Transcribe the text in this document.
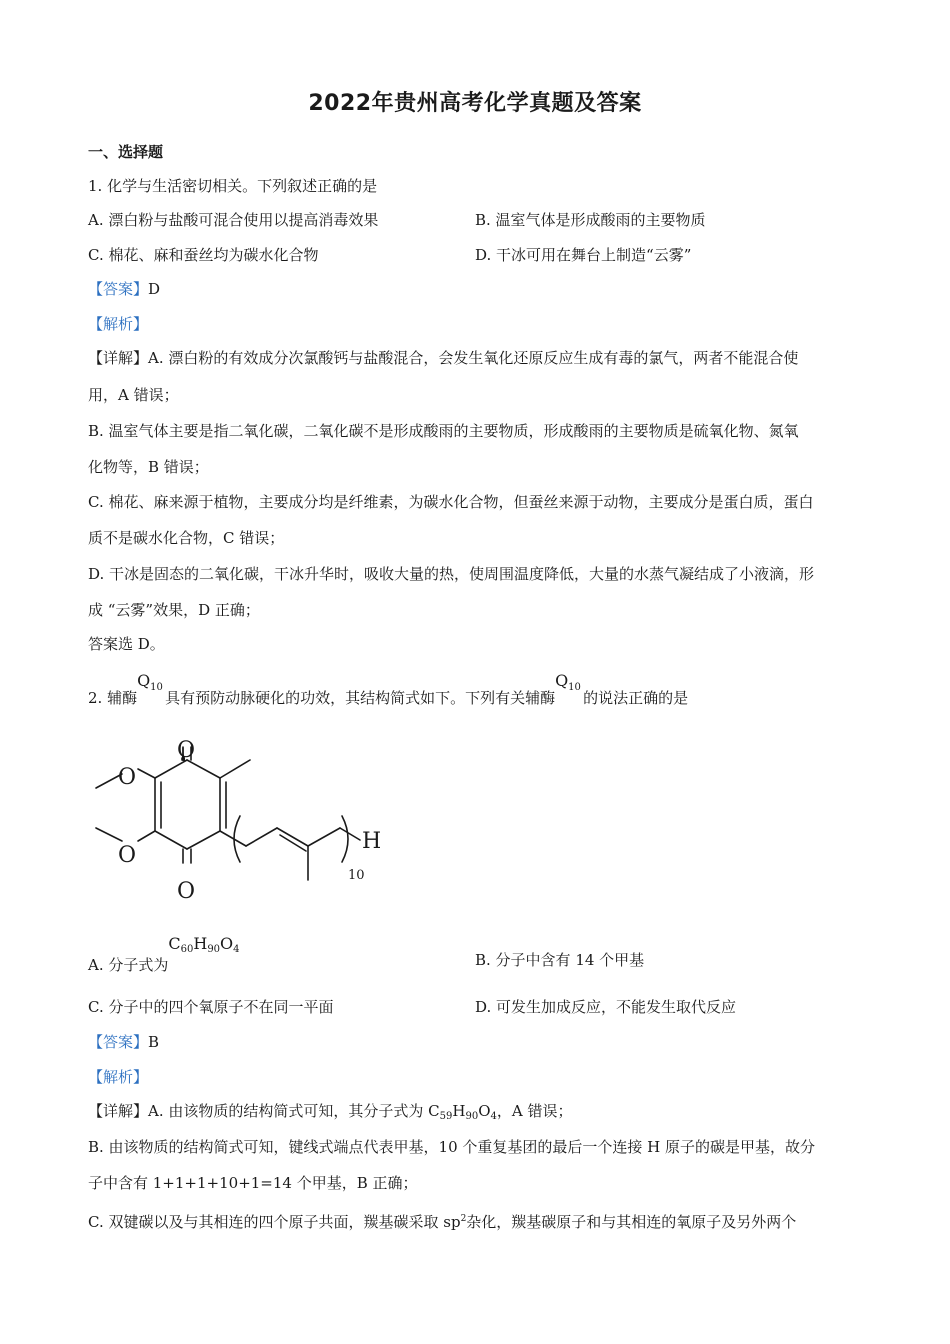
2022年贵州高考化学真题及答案
一、选择题
1. 化学与生活密切相关。下列叙述正确的是
A. 漂白粉与盐酸可混合使用以提高消毒效果	B. 温室气体是形成酸雨的主要物质
C. 棉花、麻和蚕丝均为碳水化合物	D. 干冰可用在舞台上制造“云雾”
【答案】D
【解析】
【详解】A. 漂白粉的有效成分次氯酸钙与盐酸混合，会发生氧化还原反应生成有毒的氯气，两者不能混合使
用，A 错误；
B. 温室气体主要是指二氧化碳，二氧化碳不是形成酸雨的主要物质，形成酸雨的主要物质是硫氧化物、氮氧
化物等，B 错误；
C. 棉花、麻来源于植物，主要成分均是纤维素，为碳水化合物，但蚕丝来源于动物，主要成分是蛋白质，蛋白
质不是碳水化合物，C 错误；
D. 干冰是固态的二氧化碳，干冰升华时，吸收大量的热，使周围温度降低，大量的水蒸气凝结成了小液滴，形
成 “云雾”效果，D 正确；
答案选 D。
2. 辅酶
Q 10
具有预防动脉硬化的功效，其结构简式如下。下列有关辅酶
Q 10
的说法正确的是
O
O
O
O
H
10
A. 分子式为
C60H90O4
B. 分子中含有 14 个甲基
C. 分子中的四个氧原子不在同一平面	D. 可发生加成反应，不能发生取代反应
【答案】B
【解析】
【详解】A. 由该物质的结构简式可知，其分子式为 $C_{59}H_{90}O_4$，A 错误；
B. 由该物质的结构简式可知，键线式端点代表甲基，10 个重复基团的最后一个连接 H 原子的碳是甲基，故分
子中含有 1+1+1+10+1=14 个甲基，B 正确；
C. 双键碳以及与其相连的四个原子共面，羰基碳采取 $sp^2$杂化，羰基碳原子和与其相连的氧原子及另外两个
